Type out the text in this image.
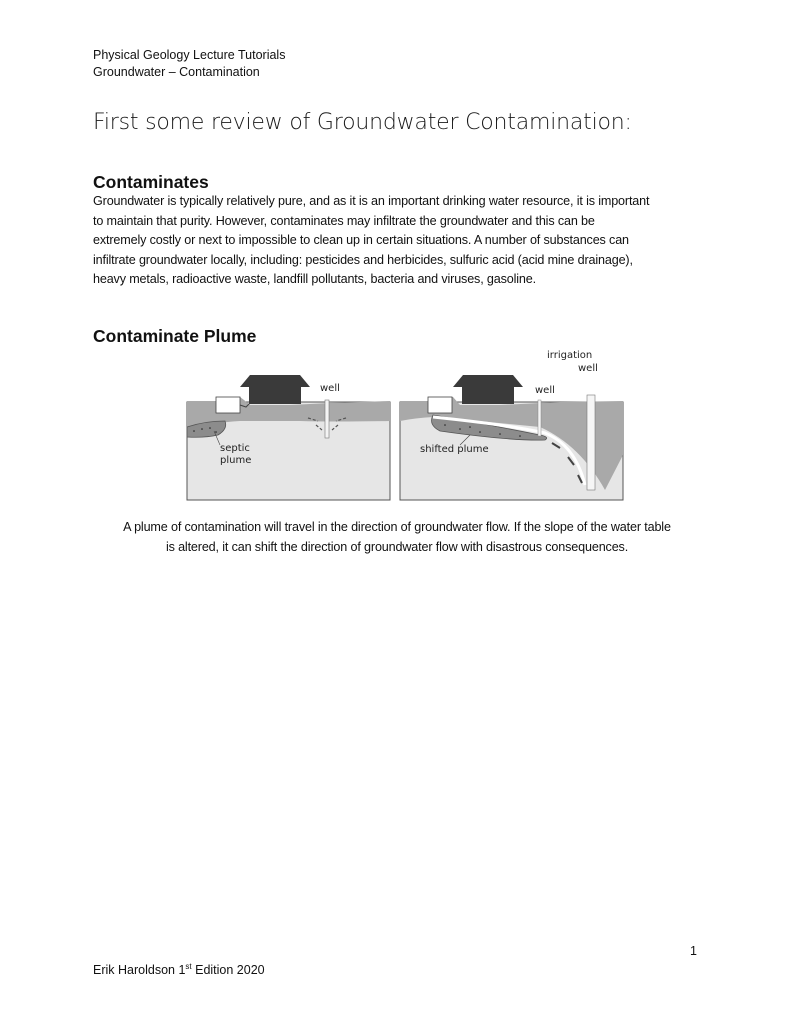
Physical Geology Lecture Tutorials
Groundwater – Contamination
First some review of Groundwater Contamination:
Contaminates
Groundwater is typically relatively pure, and as it is an important drinking water resource, it is important
to maintain that purity. However, contaminates may infiltrate the groundwater and this can be
extremely costly or next to impossible to clean up in certain situations. A number of substances can
infiltrate groundwater locally, including: pesticides and herbicides, sulfuric acid (acid mine drainage),
heavy metals, radioactive waste, landfill pollutants, bacteria and viruses, gasoline.
Contaminate Plume
well
septic
plume
well
irrigation
well
shifted plume
A plume of contamination will travel in the direction of groundwater flow. If the slope of the water table
is altered, it can shift the direction of groundwater flow with disastrous consequences.
1
Erik Haroldson 1st Edition 2020
